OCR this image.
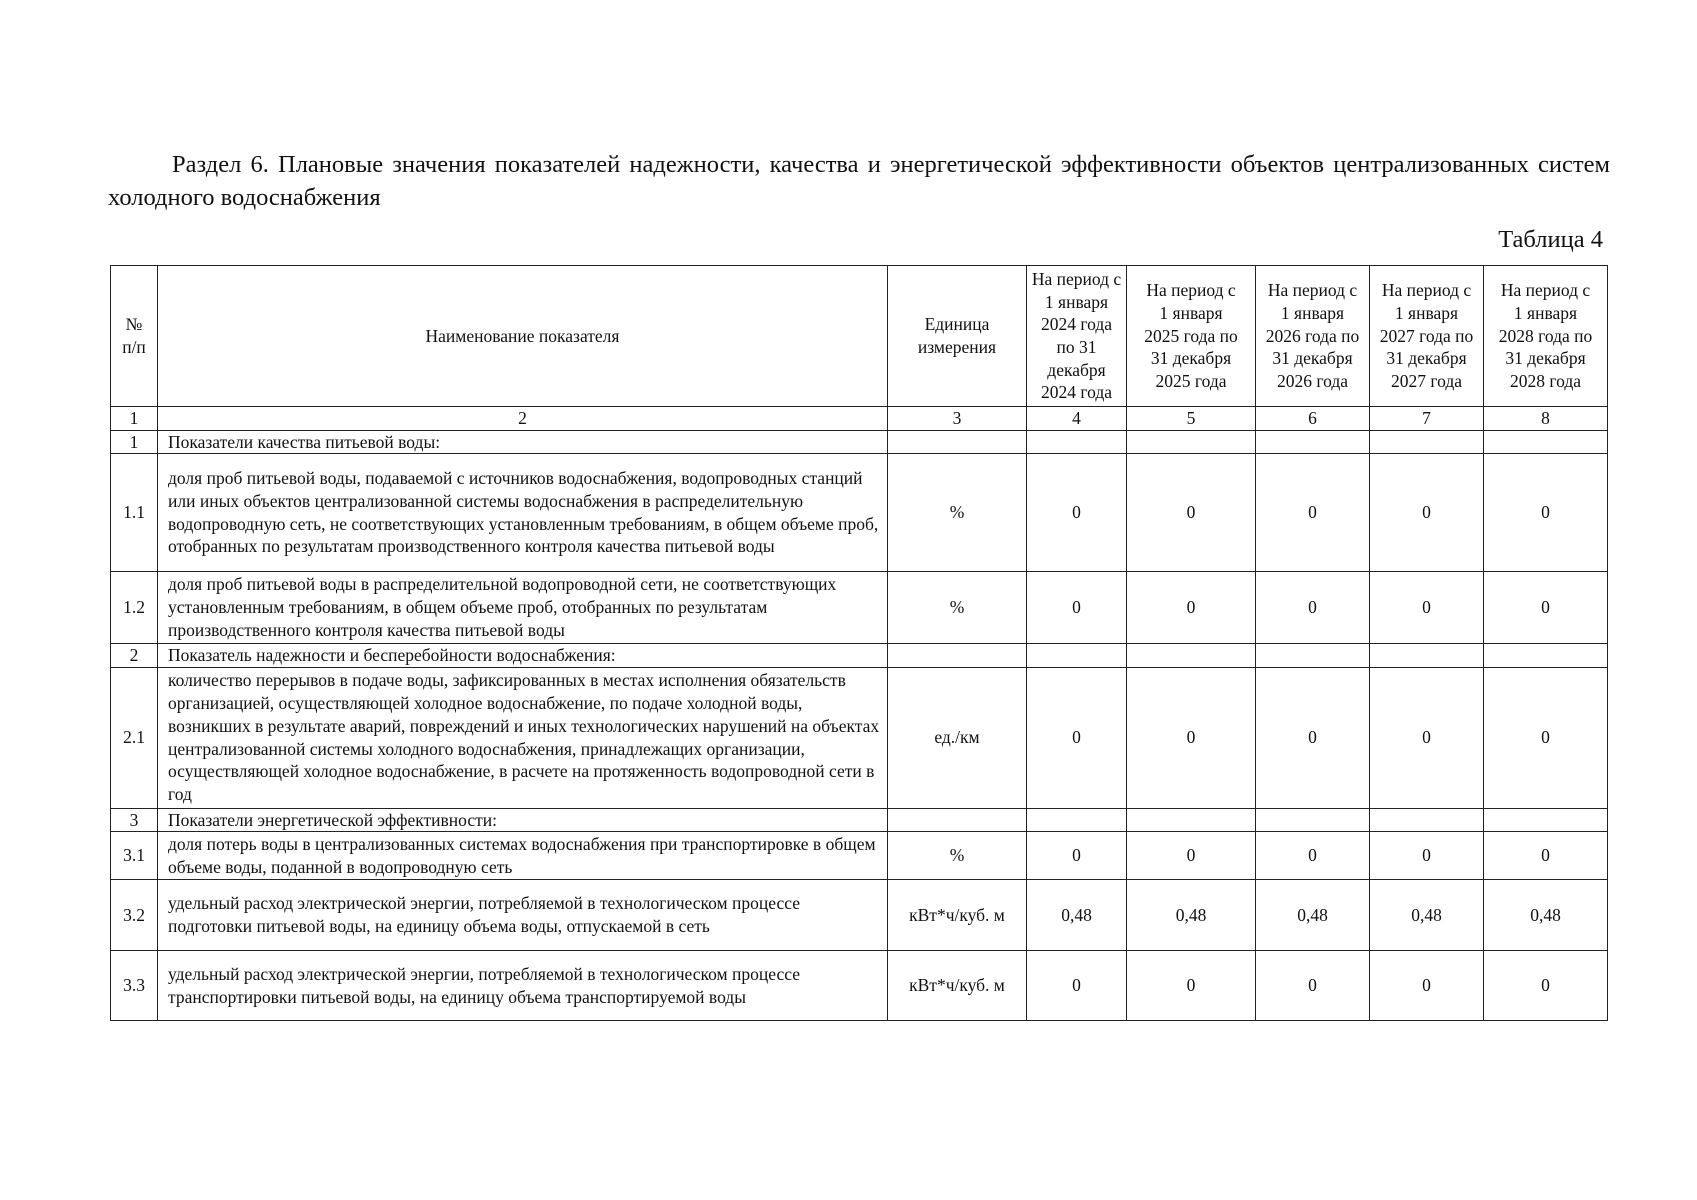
Раздел 6. Плановые значения показателей надежности, качества и энергетической эффективности объектов централизованных систем холодного водоснабжения
Таблица 4
№ п/п	Наименование показателя	Единица измерения	На период с 1 января 2024 года по 31 декабря 2024 года	На период с 1 января 2025 года по 31 декабря 2025 года	На период с 1 января 2026 года по 31 декабря 2026 года	На период с 1 января 2027 года по 31 декабря 2027 года	На период с 1 января 2028 года по 31 декабря 2028 года
1	2	3	4	5	6	7	8
1	Показатели качества питьевой воды:						
1.1	доля проб питьевой воды, подаваемой с источников водоснабжения, водопроводных станций или иных объектов централизованной системы водоснабжения в распределительную водопроводную сеть, не соответствующих установленным требованиям, в общем объеме проб, отобранных по результатам производственного контроля качества питьевой воды	%	0	0	0	0	0
1.2	доля проб питьевой воды в распределительной водопроводной сети, не соответствующих установленным требованиям, в общем объеме проб, отобранных по результатам производственного контроля качества питьевой воды	%	0	0	0	0	0
2	Показатель надежности и бесперебойности водоснабжения:						
2.1	количество перерывов в подаче воды, зафиксированных в местах исполнения обязательств организацией, осуществляющей холодное водоснабжение, по подаче холодной воды, возникших в результате аварий, повреждений и иных технологических нарушений на объектах централизованной системы холодного водоснабжения, принадлежащих организации, осуществляющей холодное водоснабжение, в расчете на протяженность водопроводной сети в год	ед./км	0	0	0	0	0
3	Показатели энергетической эффективности:						
3.1	доля потерь воды в централизованных системах водоснабжения при транспортировке в общем объеме воды, поданной в водопроводную сеть	%	0	0	0	0	0
3.2	удельный расход электрической энергии, потребляемой в технологическом процессе подготовки питьевой воды, на единицу объема воды, отпускаемой в сеть	кВт*ч/куб. м	0,48	0,48	0,48	0,48	0,48
3.3	удельный расход электрической энергии, потребляемой в технологическом процессе транспортировки питьевой воды, на единицу объема транспортируемой воды	кВт*ч/куб. м	0	0	0	0	0
